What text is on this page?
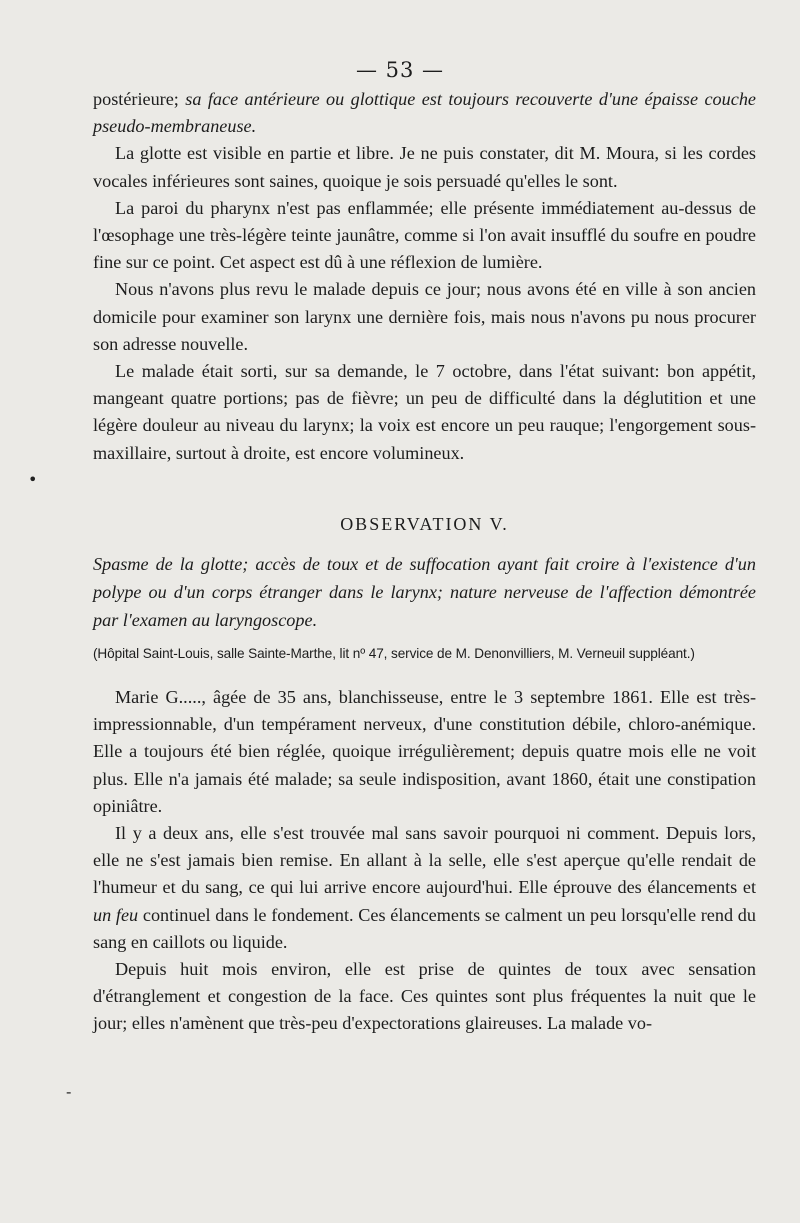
— 53 —
•
-

postérieure; sa face antérieure ou glottique est toujours recouverte d'une épaisse couche pseudo-membraneuse.

La glotte est visible en partie et libre. Je ne puis constater, dit M. Moura, si les cordes vocales inférieures sont saines, quoique je sois persuadé qu'elles le sont.

La paroi du pharynx n'est pas enflammée; elle présente immédiatement au-dessus de l'œsophage une très-légère teinte jaunâtre, comme si l'on avait insufflé du soufre en poudre fine sur ce point. Cet aspect est dû à une réflexion de lumière.

Nous n'avons plus revu le malade depuis ce jour; nous avons été en ville à son ancien domicile pour examiner son larynx une dernière fois, mais nous n'avons pu nous procurer son adresse nouvelle.

Le malade était sorti, sur sa demande, le 7 octobre, dans l'état suivant: bon appétit, mangeant quatre portions; pas de fièvre; un peu de difficulté dans la déglutition et une légère douleur au niveau du larynx; la voix est encore un peu rauque; l'engorgement sous-maxillaire, surtout à droite, est encore volumineux.

OBSERVATION V.

Spasme de la glotte; accès de toux et de suffocation ayant fait croire à l'existence d'un polype ou d'un corps étranger dans le larynx; nature nerveuse de l'affection démontrée par l'examen au laryngoscope.

(Hôpital Saint-Louis, salle Sainte-Marthe, lit nº 47, service de M. Denonvilliers, M. Verneuil suppléant.)

Marie G....., âgée de 35 ans, blanchisseuse, entre le 3 septembre 1861. Elle est très-impressionnable, d'un tempérament nerveux, d'une constitution débile, chloro-anémique. Elle a toujours été bien réglée, quoique irrégulièrement; depuis quatre mois elle ne voit plus. Elle n'a jamais été malade; sa seule indisposition, avant 1860, était une constipation opiniâtre.

Il y a deux ans, elle s'est trouvée mal sans savoir pourquoi ni comment. Depuis lors, elle ne s'est jamais bien remise. En allant à la selle, elle s'est aperçue qu'elle rendait de l'humeur et du sang, ce qui lui arrive encore aujourd'hui. Elle éprouve des élancements et un feu continuel dans le fondement. Ces élancements se calment un peu lorsqu'elle rend du sang en caillots ou liquide.

Depuis huit mois environ, elle est prise de quintes de toux avec sensation d'étranglement et congestion de la face. Ces quintes sont plus fréquentes la nuit que le jour; elles n'amènent que très-peu d'expectorations glaireuses. La malade vo-
